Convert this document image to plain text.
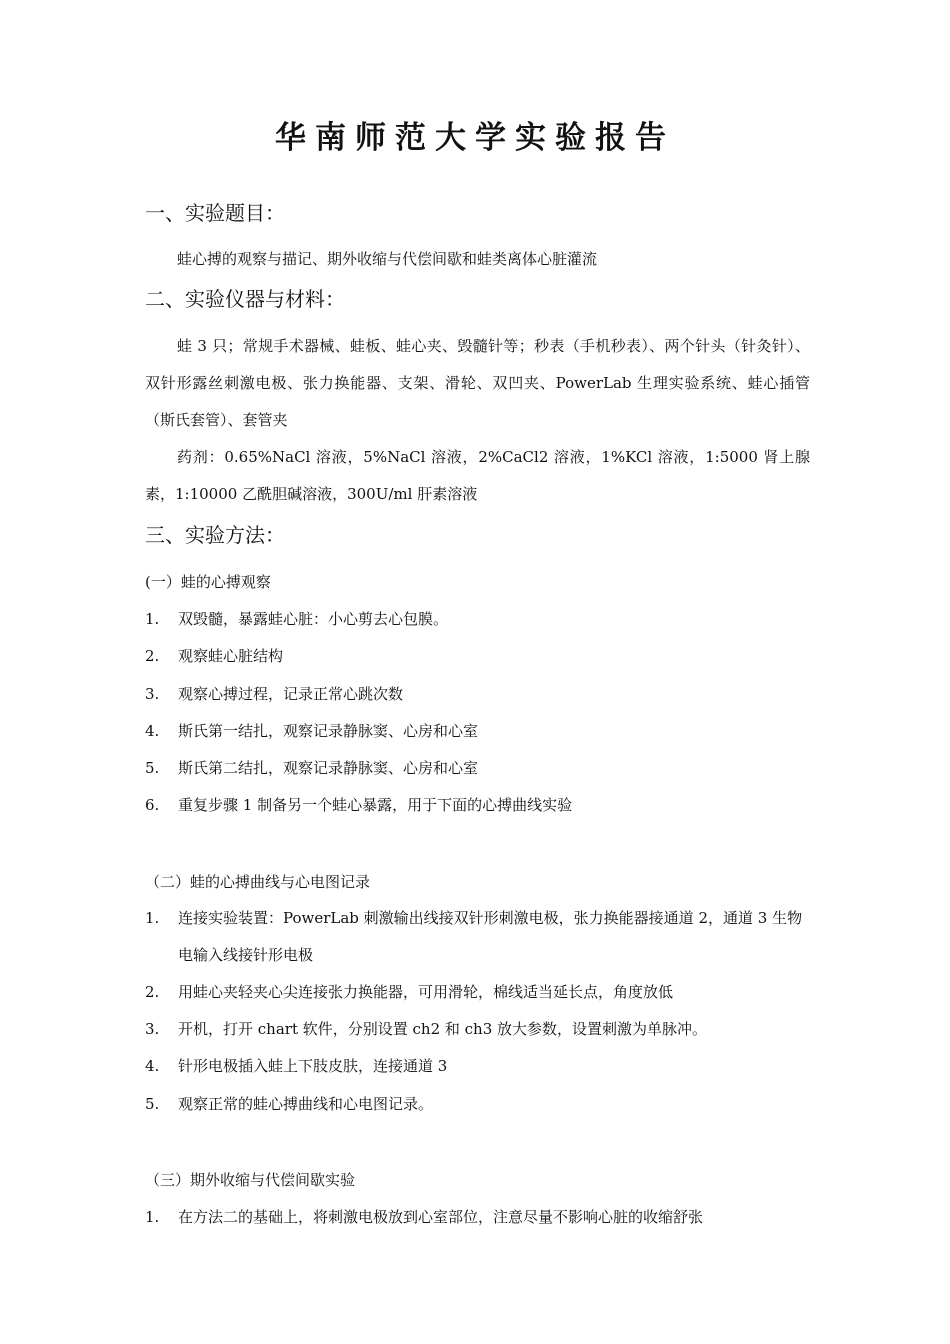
华南师范大学实验报告
一、实验题目：
蛙心搏的观察与描记、期外收缩与代偿间歇和蛙类离体心脏灌流
二、实验仪器与材料：
蛙 3 只；常规手术器械、蛙板、蛙心夹、毁髓针等；秒表（手机秒表）、两个针头（针灸针）、双针形露丝刺激电极、张力换能器、支架、滑轮、双凹夹、PowerLab 生理实验系统、蛙心插管（斯氏套管）、套管夹
药剂：0.65%NaCl 溶液，5%NaCl 溶液，2%CaCl2 溶液，1%KCl 溶液，1:5000 肾上腺素，1:10000 乙酰胆碱溶液，300U/ml 肝素溶液
三、实验方法：
(一）蛙的心搏观察
1.	双毁髓，暴露蛙心脏：小心剪去心包膜。
2.	观察蛙心脏结构
3.	观察心搏过程，记录正常心跳次数
4.	斯氏第一结扎，观察记录静脉窦、心房和心室
5.	斯氏第二结扎，观察记录静脉窦、心房和心室
6.	重复步骤 1 制备另一个蛙心暴露，用于下面的心搏曲线实验
（二）蛙的心搏曲线与心电图记录
1.	连接实验装置：PowerLab 刺激输出线接双针形刺激电极，张力换能器接通道 2，通道 3 生物电输入线接针形电极
2.	用蛙心夹轻夹心尖连接张力换能器，可用滑轮，棉线适当延长点，角度放低
3.	开机，打开 chart 软件，分别设置 ch2 和 ch3 放大参数，设置刺激为单脉冲。
4.	针形电极插入蛙上下肢皮肤，连接通道 3
5.	观察正常的蛙心搏曲线和心电图记录。
（三）期外收缩与代偿间歇实验
1.	在方法二的基础上，将刺激电极放到心室部位，注意尽量不影响心脏的收缩舒张
